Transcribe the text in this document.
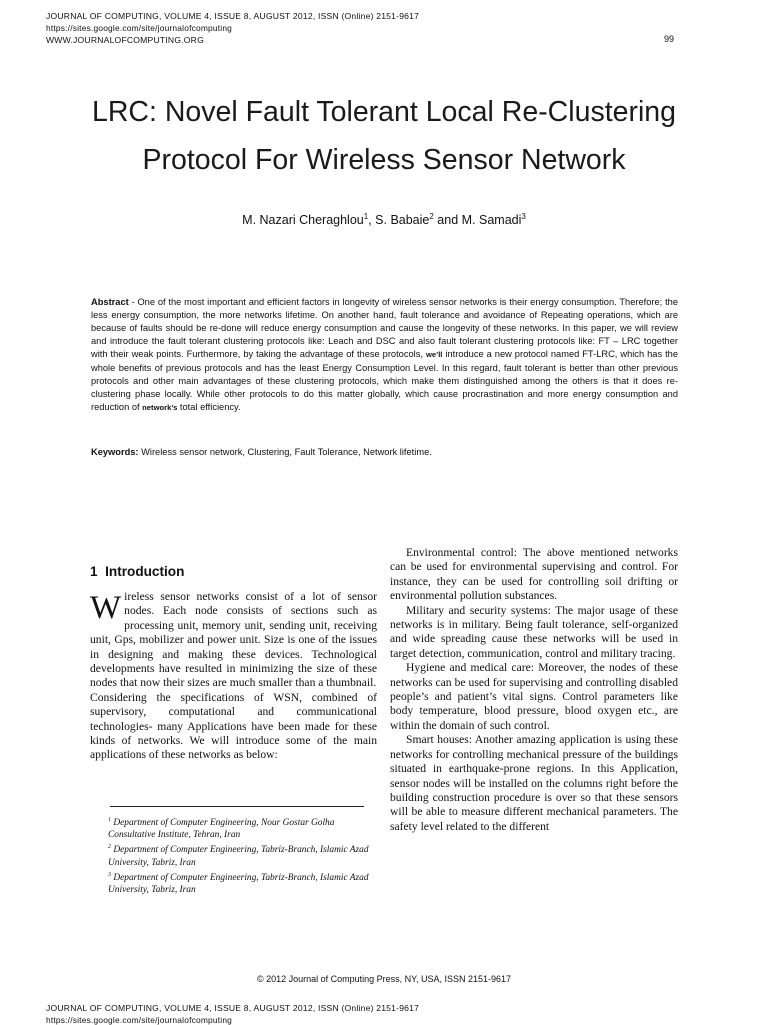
JOURNAL OF COMPUTING, VOLUME 4, ISSUE 8, AUGUST 2012, ISSN (Online) 2151-9617
https://sites.google.com/site/journalofcomputing
WWW.JOURNALOFCOMPUTING.ORG	99
LRC: Novel Fault Tolerant Local Re-Clustering
Protocol For Wireless Sensor Network
M. Nazari Cheraghlou$^1$, S. Babaie$^2$ and M. Samadi$^3$
Abstract - One of the most important and efficient factors in longevity of wireless sensor networks is their energy consumption. Therefore; the less energy consumption, the more networks lifetime. On another hand, fault tolerance and avoidance of Repeating operations, which are because of faults should be re-done will reduce energy consumption and cause the longevity of these networks. In this paper, we will review and introduce the fault tolerant clustering protocols like: Leach and DSC and also fault tolerant clustering protocols like: FT – LRC together with their weak points. Furthermore, by taking the advantage of these protocols, we’ll introduce a new protocol named FT-LRC, which has the whole benefits of previous protocols and has the least Energy Consumption Level. In this regard, fault tolerant is better than other previous protocols and other main advantages of these clustering protocols, which make them distinguished among the others is that it does re-clustering phase locally. While other protocols to do this matter globally, which cause procrastination and more energy consumption and reduction of network’s total efficiency.
Keywords: Wireless sensor network, Clustering, Fault Tolerance, Network lifetime.
1 Introduction

Wireless sensor networks consist of a lot of sensor nodes. Each node consists of sections such as processing unit, memory unit, sending unit, receiving unit, Gps, mobilizer and power unit. Size is one of the issues in designing and making these devices. Technological developments have resulted in minimizing the size of these nodes that now their sizes are much smaller than a thumbnail.

Considering the specifications of WSN, combined of supervisory, computational and communicational technologies- many Applications have been made for these kinds of networks. We will introduce some of the main applications of these networks as below:

$^1$ Department of Computer Engineering, Nour Gostar Golha Consultative Institute, Tehran, Iran
$^2$ Department of Computer Engineering, Tabriz-Branch, Islamic Azad University, Tabriz, Iran
$^3$ Department of Computer Engineering, Tabriz-Branch, Islamic Azad University, Tabriz, Iran

Environmental control: The above mentioned networks can be used for environmental supervising and control. For instance, they can be used for controlling soil drifting or environmental pollution substances.

Military and security systems: The major usage of these networks is in military. Being fault tolerance, self-organized and wide spreading cause these networks will be used in target detection, communication, control and military tracing.

Hygiene and medical care: Moreover, the nodes of these networks can be used for supervising and controlling disabled people’s and patient’s vital signs. Control parameters like body temperature, blood pressure, blood oxygen etc., are within the domain of such control.

Smart houses: Another amazing application is using these networks for controlling mechanical pressure of the buildings situated in earthquake-prone regions. In this Application, sensor nodes will be installed on the columns right before the building construction procedure is over so that these sensors will be able to measure different mechanical parameters. The safety level related to the different

© 2012 Journal of Computing Press, NY, USA, ISSN 2151-9617
JOURNAL OF COMPUTING, VOLUME 4, ISSUE 8, AUGUST 2012, ISSN (Online) 2151-9617
https://sites.google.com/site/journalofcomputing
